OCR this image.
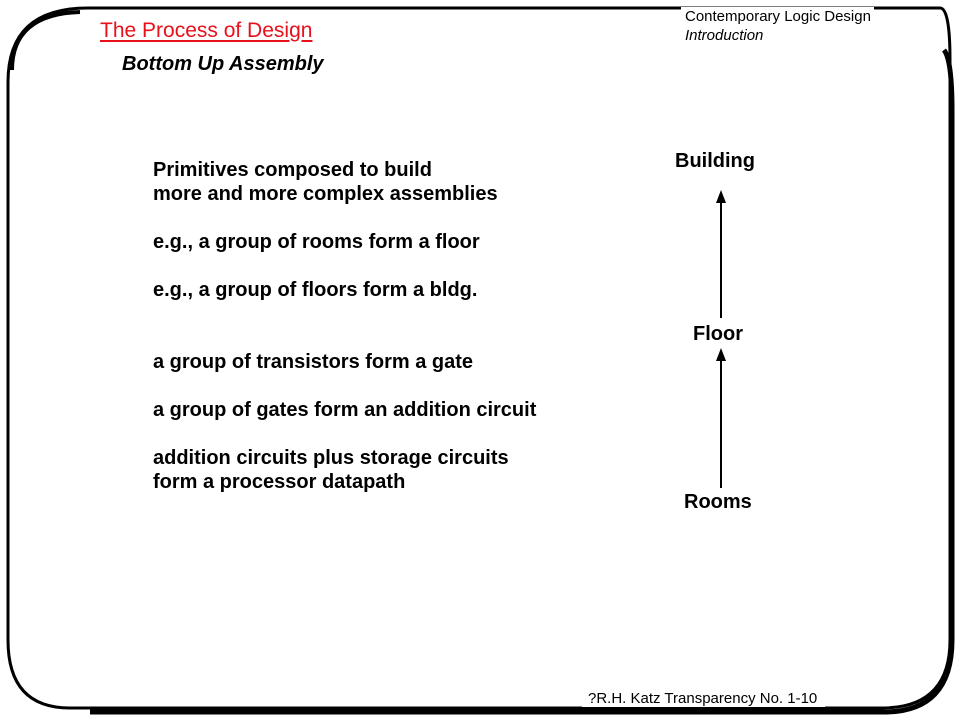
The Process of Design
Bottom Up Assembly
Contemporary Logic Design
Introduction
Primitives composed to build
more and more complex assemblies
e.g., a group of rooms form a floor
e.g., a group of floors form a bldg.
a group of transistors form a gate
a group of gates form an addition circuit
addition circuits plus storage circuits
form a processor datapath
Building
Floor
Rooms
?R.H. Katz Transparency No. 1-10
